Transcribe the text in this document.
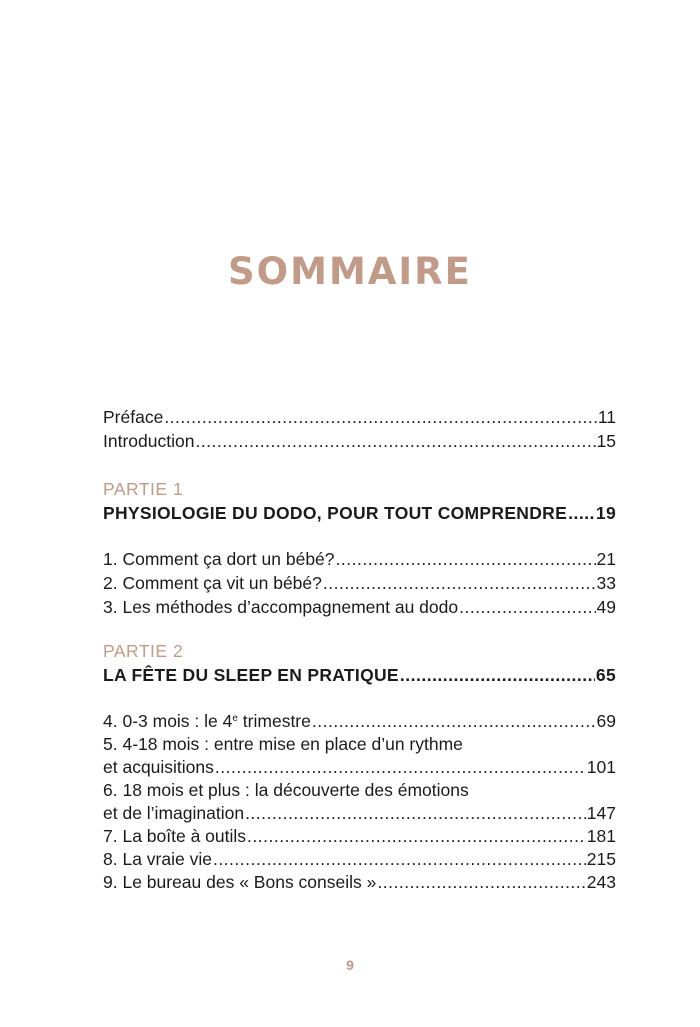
SOMMAIRE
Préface .....	11
Introduction .....	15
PARTIE 1
PHYSIOLOGIE DU DODO, POUR TOUT COMPRENDRE ..... 19
1. Comment ça dort un bébé? .....	21
2. Comment ça vit un bébé? .....	33
3. Les méthodes d’accompagnement au dodo .....	49
PARTIE 2
LA FÊTE DU SLEEP EN PRATIQUE .....	65
4. 0-3 mois : le 4e trimestre .....	69
5. 4-18 mois : entre mise en place d’un rythme
et acquisitions .....	101
6. 18 mois et plus : la découverte des émotions
et de l’imagination .....	147
7. La boîte à outils .....	181
8. La vraie vie .....	215
9. Le bureau des « Bons conseils » .....	243
9
